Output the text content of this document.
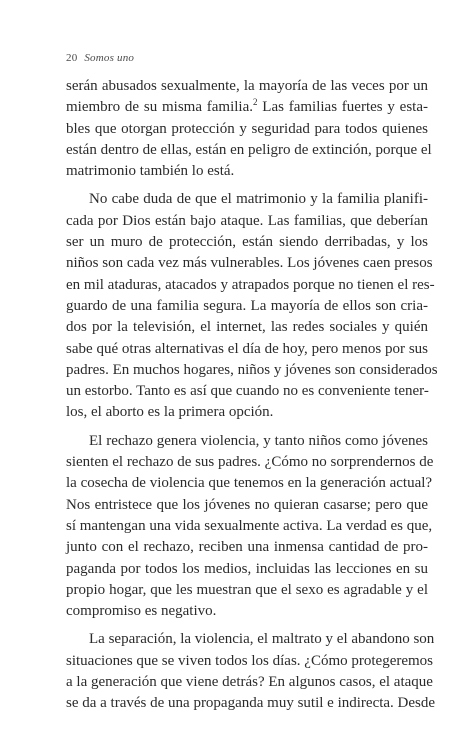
20 Somos uno
serán abusados sexualmente, la mayoría de las veces por un
miembro de su misma familia.$^2$ Las familias fuertes y esta-
bles que otorgan protección y seguridad para todos quienes
están dentro de ellas, están en peligro de extinción, porque el
matrimonio también lo está.
No cabe duda de que el matrimonio y la familia planifi-
cada por Dios están bajo ataque. Las familias, que deberían
ser un muro de protección, están siendo derribadas, y los
niños son cada vez más vulnerables. Los jóvenes caen presos
en mil ataduras, atacados y atrapados porque no tienen el res-
guardo de una familia segura. La mayoría de ellos son cria-
dos por la televisión, el internet, las redes sociales y quién
sabe qué otras alternativas el día de hoy, pero menos por sus
padres. En muchos hogares, niños y jóvenes son considerados
un estorbo. Tanto es así que cuando no es conveniente tener-
los, el aborto es la primera opción.
El rechazo genera violencia, y tanto niños como jóvenes
sienten el rechazo de sus padres. ¿Cómo no sorprendernos de
la cosecha de violencia que tenemos en la generación actual?
Nos entristece que los jóvenes no quieran casarse; pero que
sí mantengan una vida sexualmente activa. La verdad es que,
junto con el rechazo, reciben una inmensa cantidad de pro-
paganda por todos los medios, incluidas las lecciones en su
propio hogar, que les muestran que el sexo es agradable y el
compromiso es negativo.
La separación, la violencia, el maltrato y el abandono son
situaciones que se viven todos los días. ¿Cómo protegeremos
a la generación que viene detrás? En algunos casos, el ataque
se da a través de una propaganda muy sutil e indirecta. Desde
